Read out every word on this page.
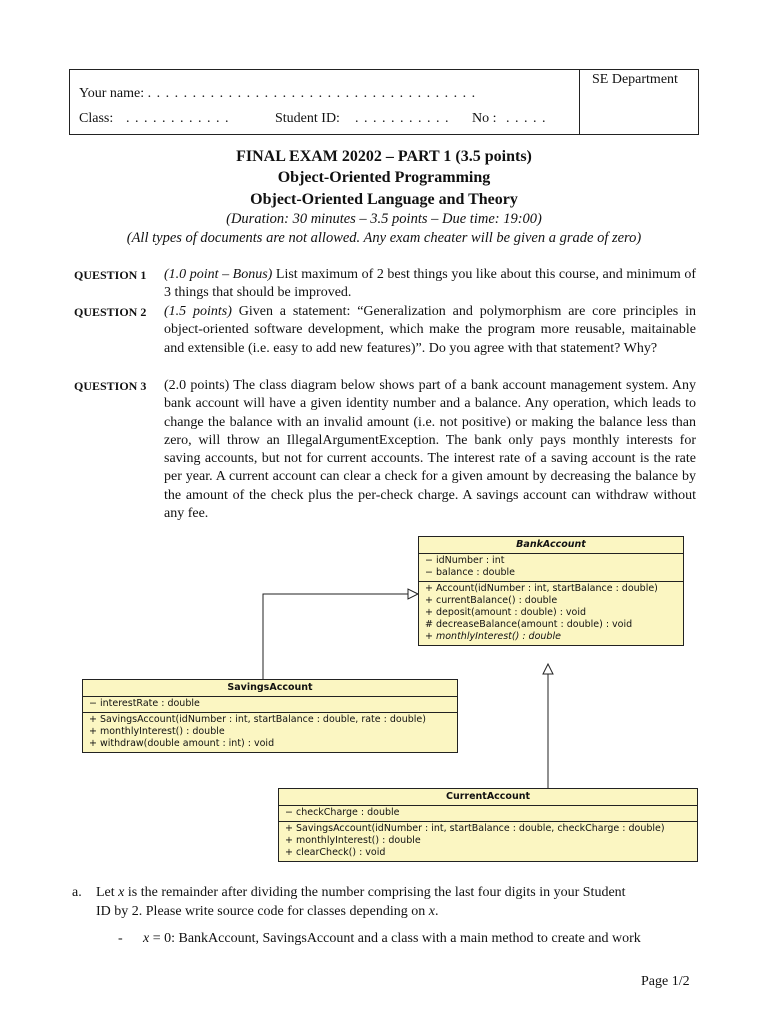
Your name: . . . . . . . . . . . . . . . . . . . . . . . . . . . . . . . . . . . . .
Class: . . . . . . . . . . . .	Student ID: . . . . . . . . . . . No : . . . . .
SE Department
FINAL EXAM 20202 – PART 1 (3.5 points)
Object-Oriented Programming
Object-Oriented Language and Theory
(Duration: 30 minutes – 3.5 points – Due time: 19:00)
(All types of documents are not allowed. Any exam cheater will be given a grade of zero)
QUESTION 1 (1.0 point – Bonus) List maximum of 2 best things you like about this course, and minimum of 3 things that should be improved.
QUESTION 2 (1.5 points) Given a statement: “Generalization and polymorphism are core principles in object-oriented software development, which make the program more reusable, maitainable and extensible (i.e. easy to add new features)”. Do you agree with that statement? Why?
QUESTION 3 (2.0 points) The class diagram below shows part of a bank account management system. Any bank account will have a given identity number and a balance. Any operation, which leads to change the balance with an invalid amount (i.e. not positive) or making the balance less than zero, will throw an IllegalArgumentException. The bank only pays monthly interests for saving accounts, but not for current accounts. The interest rate of a saving account is the rate per year. A current account can clear a check for a given amount by decreasing the balance by the amount of the check plus the per-check charge. A savings account can withdraw without any fee.
BankAccount
− idNumber : int
− balance : double
+ Account(idNumber : int, startBalance : double)
+ currentBalance() : double
+ deposit(amount : double) : void
# decreaseBalance(amount : double) : void
+ monthlyInterest() : double
SavingsAccount
− interestRate : double
+ SavingsAccount(idNumber : int, startBalance : double, rate : double)
+ monthlyInterest() : double
+ withdraw(double amount : int) : void
CurrentAccount
− checkCharge : double
+ SavingsAccount(idNumber : int, startBalance : double, checkCharge : double)
+ monthlyInterest() : double
+ clearCheck() : void
a. Let x is the remainder after dividing the number comprising the last four digits in your Student
ID by 2. Please write source code for classes depending on x.
- x = 0: BankAccount, SavingsAccount and a class with a main method to create and work
Page 1/2
